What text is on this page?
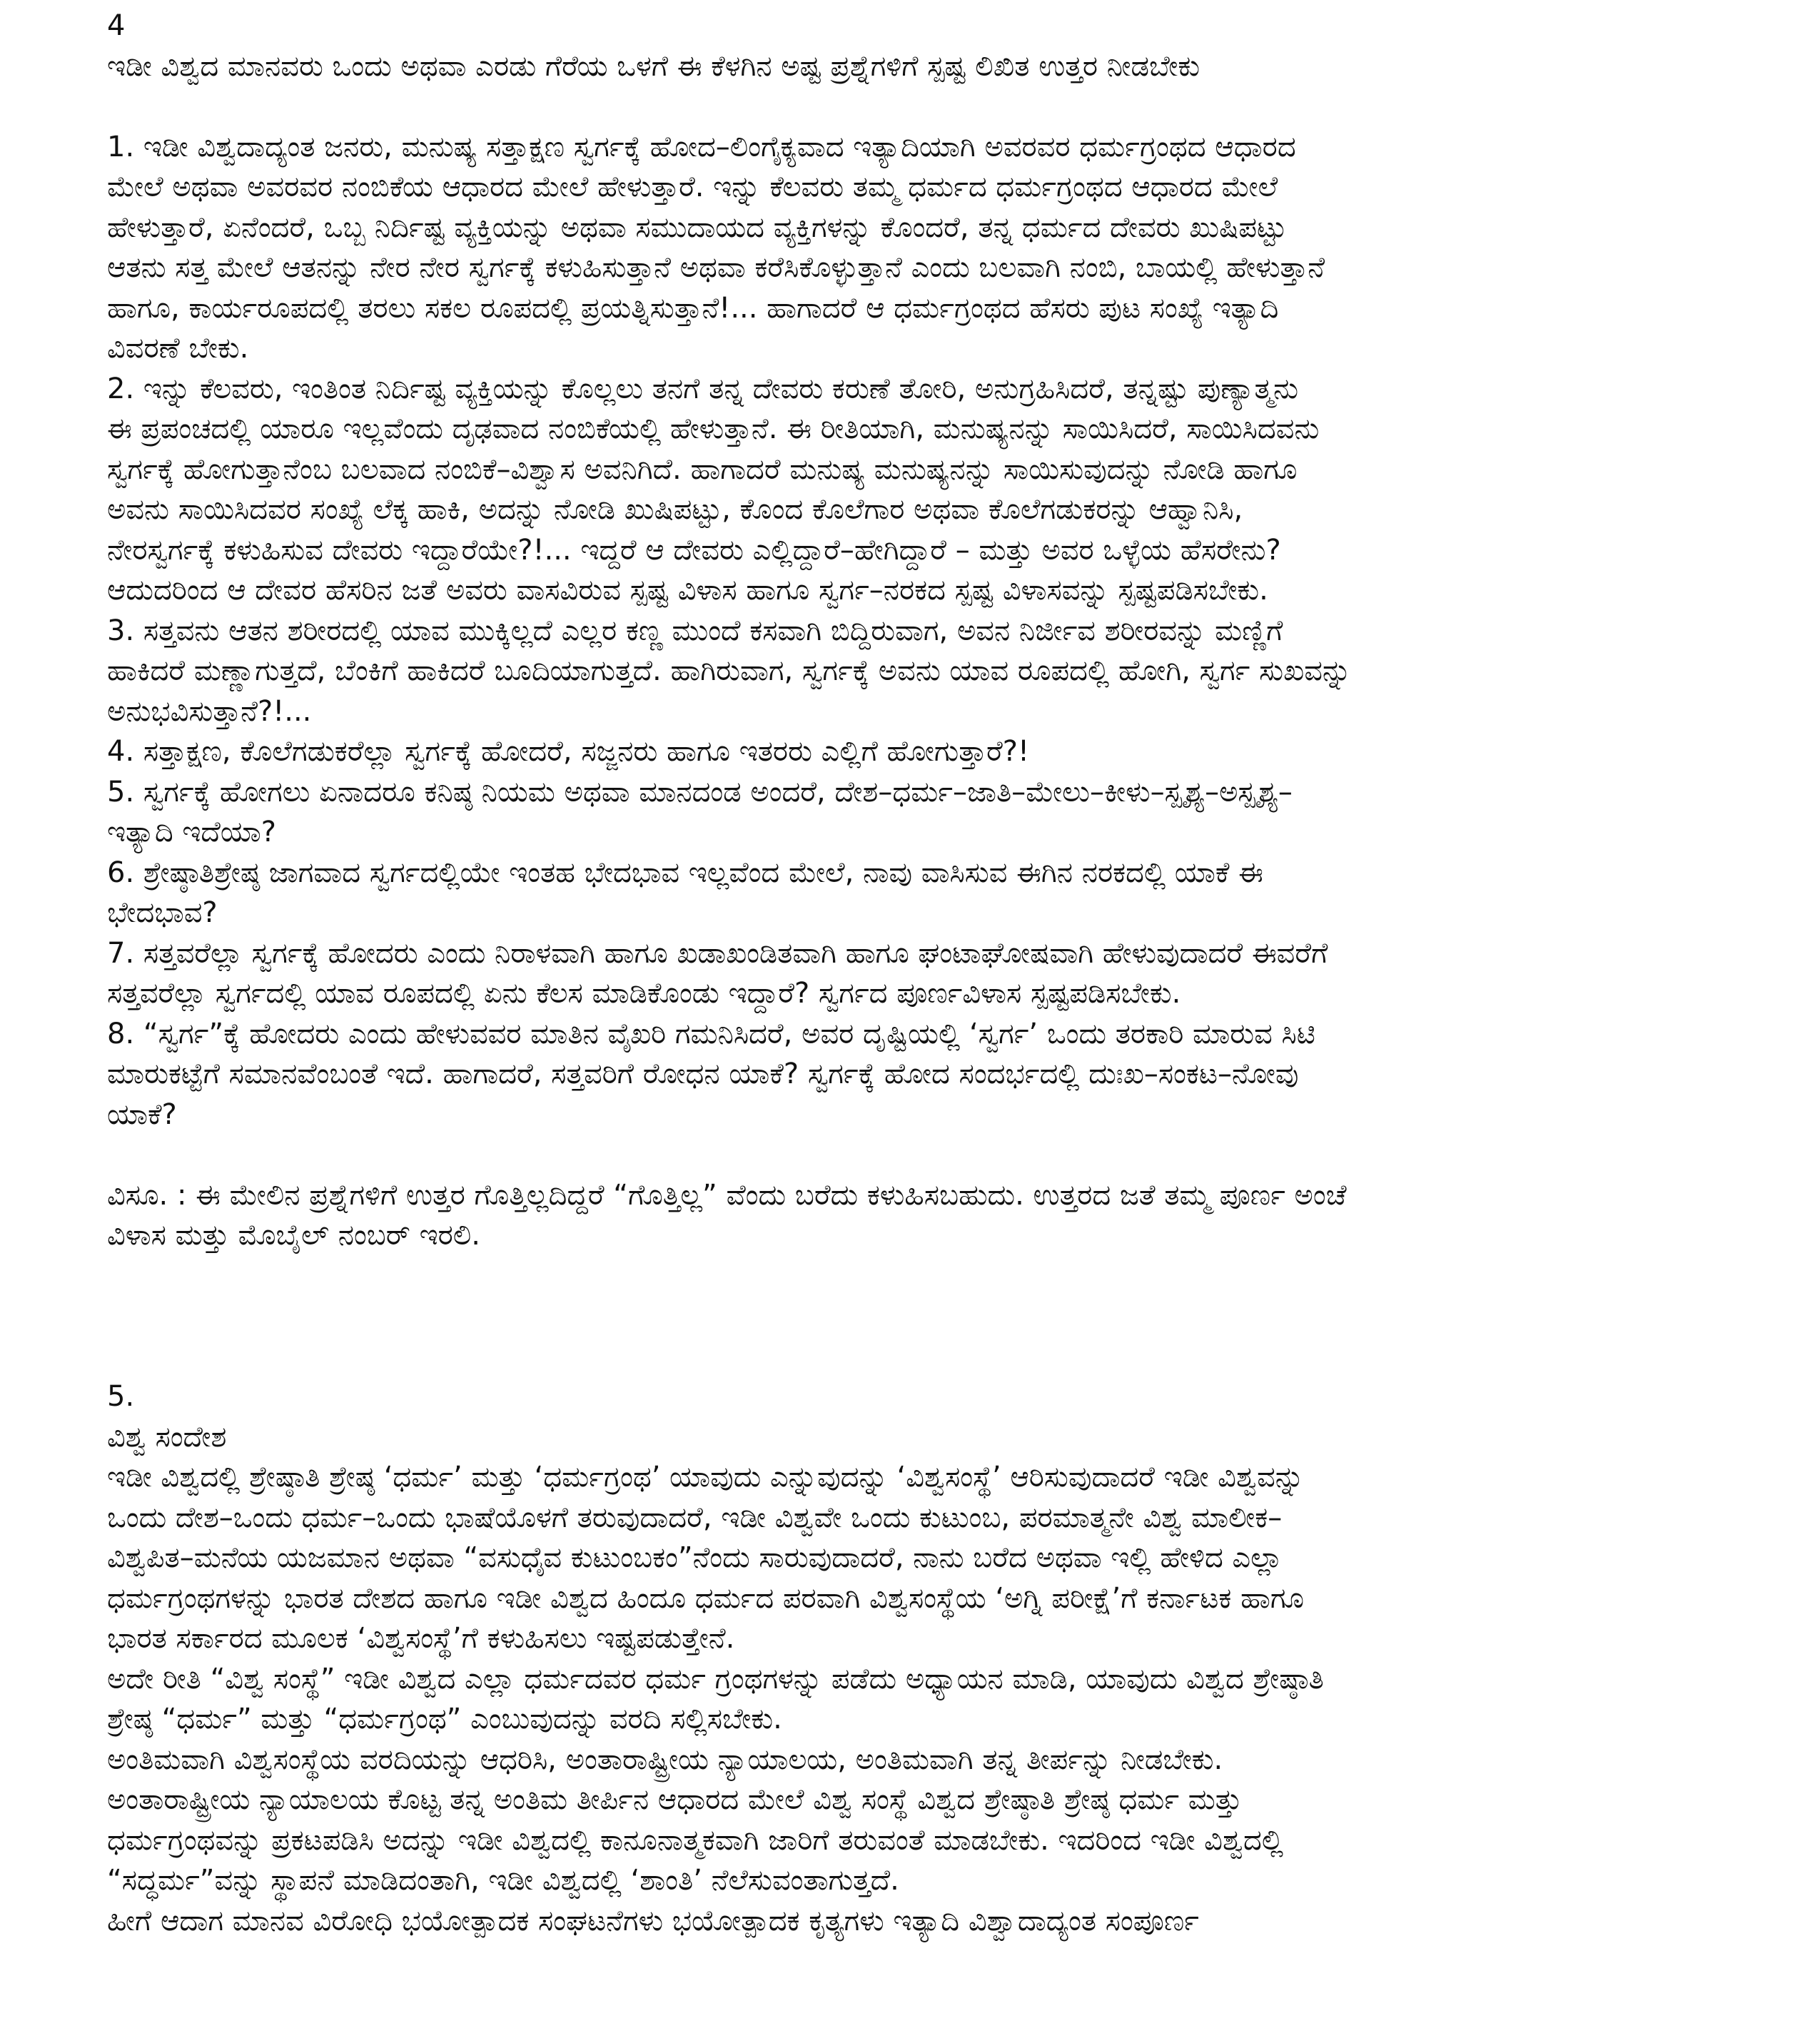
4
ಇಡೀ ವಿಶ್ವದ ಮಾನವರು ಒಂದು ಅಥವಾ ಎರಡು ಗೆರೆಯ ಒಳಗೆ ಈ ಕೆಳಗಿನ ಅಷ್ಟ ಪ್ರಶ್ನೆಗಳಿಗೆ ಸ್ಪಷ್ಟ ಲಿಖಿತ ಉತ್ತರ ನೀಡಬೇಕು
1. ಇಡೀ ವಿಶ್ವದಾದ್ಯಂತ ಜನರು, ಮನುಷ್ಯ ಸತ್ತಾಕ್ಷಣ ಸ್ವರ್ಗಕ್ಕೆ ಹೋದ–ಲಿಂಗೈಕ್ಯವಾದ ಇತ್ಯಾದಿಯಾಗಿ ಅವರವರ ಧರ್ಮಗ್ರಂಥದ ಆಧಾರದ
ಮೇಲೆ ಅಥವಾ ಅವರವರ ನಂಬಿಕೆಯ ಆಧಾರದ ಮೇಲೆ ಹೇಳುತ್ತಾರೆ. ಇನ್ನು ಕೆಲವರು ತಮ್ಮ ಧರ್ಮದ ಧರ್ಮಗ್ರಂಥದ ಆಧಾರದ ಮೇಲೆ
ಹೇಳುತ್ತಾರೆ, ಏನೆಂದರೆ, ಒಬ್ಬ ನಿರ್ದಿಷ್ಟ ವ್ಯಕ್ತಿಯನ್ನು ಅಥವಾ ಸಮುದಾಯದ ವ್ಯಕ್ತಿಗಳನ್ನು ಕೊಂದರೆ, ತನ್ನ ಧರ್ಮದ ದೇವರು ಖುಷಿಪಟ್ಟು
ಆತನು ಸತ್ತ ಮೇಲೆ ಆತನನ್ನು ನೇರ ನೇರ ಸ್ವರ್ಗಕ್ಕೆ ಕಳುಹಿಸುತ್ತಾನೆ ಅಥವಾ ಕರೆಸಿಕೊಳ್ಳುತ್ತಾನೆ ಎಂದು ಬಲವಾಗಿ ನಂಬಿ, ಬಾಯಲ್ಲಿ ಹೇಳುತ್ತಾನೆ
ಹಾಗೂ, ಕಾರ್ಯರೂಪದಲ್ಲಿ ತರಲು ಸಕಲ ರೂಪದಲ್ಲಿ ಪ್ರಯತ್ನಿಸುತ್ತಾನೆ!... ಹಾಗಾದರೆ ಆ ಧರ್ಮಗ್ರಂಥದ ಹೆಸರು ಪುಟ ಸಂಖ್ಯೆ ಇತ್ಯಾದಿ
ವಿವರಣೆ ಬೇಕು.
2. ಇನ್ನು ಕೆಲವರು, ಇಂತಿಂತ ನಿರ್ದಿಷ್ಟ ವ್ಯಕ್ತಿಯನ್ನು ಕೊಲ್ಲಲು ತನಗೆ ತನ್ನ ದೇವರು ಕರುಣೆ ತೋರಿ, ಅನುಗ್ರಹಿಸಿದರೆ, ತನ್ನಷ್ಟು ಪುಣ್ಯಾತ್ಮನು
ಈ ಪ್ರಪಂಚದಲ್ಲಿ ಯಾರೂ ಇಲ್ಲವೆಂದು ದೃಢವಾದ ನಂಬಿಕೆಯಲ್ಲಿ ಹೇಳುತ್ತಾನೆ. ಈ ರೀತಿಯಾಗಿ, ಮನುಷ್ಯನನ್ನು ಸಾಯಿಸಿದರೆ, ಸಾಯಿಸಿದವನು
ಸ್ವರ್ಗಕ್ಕೆ ಹೋಗುತ್ತಾನೆಂಬ ಬಲವಾದ ನಂಬಿಕೆ–ವಿಶ್ವಾಸ ಅವನಿಗಿದೆ. ಹಾಗಾದರೆ ಮನುಷ್ಯ ಮನುಷ್ಯನನ್ನು ಸಾಯಿಸುವುದನ್ನು ನೋಡಿ ಹಾಗೂ
ಅವನು ಸಾಯಿಸಿದವರ ಸಂಖ್ಯೆ ಲೆಕ್ಕ ಹಾಕಿ, ಅದನ್ನು ನೋಡಿ ಖುಷಿಪಟ್ಟು, ಕೊಂದ ಕೊಲೆಗಾರ ಅಥವಾ ಕೊಲೆಗಡುಕರನ್ನು ಆಹ್ವಾನಿಸಿ,
ನೇರಸ್ವರ್ಗಕ್ಕೆ ಕಳುಹಿಸುವ ದೇವರು ಇದ್ದಾರೆಯೇ?!... ಇದ್ದರೆ ಆ ದೇವರು ಎಲ್ಲಿದ್ದಾರೆ–ಹೇಗಿದ್ದಾರೆ – ಮತ್ತು ಅವರ ಒಳ್ಳೆಯ ಹೆಸರೇನು?
ಆದುದರಿಂದ ಆ ದೇವರ ಹೆಸರಿನ ಜತೆ ಅವರು ವಾಸವಿರುವ ಸ್ಪಷ್ಟ ವಿಳಾಸ ಹಾಗೂ ಸ್ವರ್ಗ–ನರಕದ ಸ್ಪಷ್ಟ ವಿಳಾಸವನ್ನು ಸ್ಪಷ್ಟಪಡಿಸಬೇಕು.
3. ಸತ್ತವನು ಆತನ ಶರೀರದಲ್ಲಿ ಯಾವ ಮುಕ್ಕಿಲ್ಲದೆ ಎಲ್ಲರ ಕಣ್ಣ ಮುಂದೆ ಕಸವಾಗಿ ಬಿದ್ದಿರುವಾಗ, ಅವನ ನಿರ್ಜೀವ ಶರೀರವನ್ನು ಮಣ್ಣಿಗೆ
ಹಾಕಿದರೆ ಮಣ್ಣಾಗುತ್ತದೆ, ಬೆಂಕಿಗೆ ಹಾಕಿದರೆ ಬೂದಿಯಾಗುತ್ತದೆ. ಹಾಗಿರುವಾಗ, ಸ್ವರ್ಗಕ್ಕೆ ಅವನು ಯಾವ ರೂಪದಲ್ಲಿ ಹೋಗಿ, ಸ್ವರ್ಗ ಸುಖವನ್ನು
ಅನುಭವಿಸುತ್ತಾನೆ?!...
4. ಸತ್ತಾಕ್ಷಣ, ಕೊಲೆಗಡುಕರೆಲ್ಲಾ ಸ್ವರ್ಗಕ್ಕೆ ಹೋದರೆ, ಸಜ್ಜನರು ಹಾಗೂ ಇತರರು ಎಲ್ಲಿಗೆ ಹೋಗುತ್ತಾರೆ?!
5. ಸ್ವರ್ಗಕ್ಕೆ ಹೋಗಲು ಏನಾದರೂ ಕನಿಷ್ಠ ನಿಯಮ ಅಥವಾ ಮಾನದಂಡ ಅಂದರೆ, ದೇಶ–ಧರ್ಮ–ಜಾತಿ–ಮೇಲು–ಕೀಳು–ಸ್ಪೃಶ್ಯ–ಅಸ್ಪೃಶ್ಯ–
ಇತ್ಯಾದಿ ಇದೆಯಾ?
6. ಶ್ರೇಷ್ಠಾತಿಶ್ರೇಷ್ಠ ಜಾಗವಾದ ಸ್ವರ್ಗದಲ್ಲಿಯೇ ಇಂತಹ ಭೇದಭಾವ ಇಲ್ಲವೆಂದ ಮೇಲೆ, ನಾವು ವಾಸಿಸುವ ಈಗಿನ ನರಕದಲ್ಲಿ ಯಾಕೆ ಈ
ಭೇದಭಾವ?
7. ಸತ್ತವರೆಲ್ಲಾ ಸ್ವರ್ಗಕ್ಕೆ ಹೋದರು ಎಂದು ನಿರಾಳವಾಗಿ ಹಾಗೂ ಖಡಾಖಂಡಿತವಾಗಿ ಹಾಗೂ ಘಂಟಾಘೋಷವಾಗಿ ಹೇಳುವುದಾದರೆ ಈವರೆಗೆ
ಸತ್ತವರೆಲ್ಲಾ ಸ್ವರ್ಗದಲ್ಲಿ ಯಾವ ರೂಪದಲ್ಲಿ ಏನು ಕೆಲಸ ಮಾಡಿಕೊಂಡು ಇದ್ದಾರೆ? ಸ್ವರ್ಗದ ಪೂರ್ಣವಿಳಾಸ ಸ್ಪಷ್ಟಪಡಿಸಬೇಕು.
8. “ಸ್ವರ್ಗ”ಕ್ಕೆ ಹೋದರು ಎಂದು ಹೇಳುವವರ ಮಾತಿನ ವೈಖರಿ ಗಮನಿಸಿದರೆ, ಅವರ ದೃಷ್ಟಿಯಲ್ಲಿ ‘ಸ್ವರ್ಗ’ ಒಂದು ತರಕಾರಿ ಮಾರುವ ಸಿಟಿ
ಮಾರುಕಟ್ಟೆಗೆ ಸಮಾನವೆಂಬಂತೆ ಇದೆ. ಹಾಗಾದರೆ, ಸತ್ತವರಿಗೆ ರೋಧನ ಯಾಕೆ? ಸ್ವರ್ಗಕ್ಕೆ ಹೋದ ಸಂದರ್ಭದಲ್ಲಿ ದುಃಖ–ಸಂಕಟ–ನೋವು
ಯಾಕೆ?
ವಿಸೂ. : ಈ ಮೇಲಿನ ಪ್ರಶ್ನೆಗಳಿಗೆ ಉತ್ತರ ಗೊತ್ತಿಲ್ಲದಿದ್ದರೆ “ಗೊತ್ತಿಲ್ಲ” ವೆಂದು ಬರೆದು ಕಳುಹಿಸಬಹುದು. ಉತ್ತರದ ಜತೆ ತಮ್ಮ ಪೂರ್ಣ ಅಂಚೆ
ವಿಳಾಸ ಮತ್ತು ಮೊಬೈಲ್ ನಂಬರ್ ಇರಲಿ.
5.
ವಿಶ್ವ ಸಂದೇಶ
ಇಡೀ ವಿಶ್ವದಲ್ಲಿ ಶ್ರೇಷ್ಠಾತಿ ಶ್ರೇಷ್ಠ ‘ಧರ್ಮ’ ಮತ್ತು ‘ಧರ್ಮಗ್ರಂಥ’ ಯಾವುದು ಎನ್ನುವುದನ್ನು ‘ವಿಶ್ವಸಂಸ್ಥೆ’ ಆರಿಸುವುದಾದರೆ ಇಡೀ ವಿಶ್ವವನ್ನು
ಒಂದು ದೇಶ–ಒಂದು ಧರ್ಮ–ಒಂದು ಭಾಷೆಯೊಳಗೆ ತರುವುದಾದರೆ, ಇಡೀ ವಿಶ್ವವೇ ಒಂದು ಕುಟುಂಬ, ಪರಮಾತ್ಮನೇ ವಿಶ್ವ ಮಾಲೀಕ–
ವಿಶ್ವಪಿತ–ಮನೆಯ ಯಜಮಾನ ಅಥವಾ “ವಸುಧೈವ ಕುಟುಂಬಕಂ”ನೆಂದು ಸಾರುವುದಾದರೆ, ನಾನು ಬರೆದ ಅಥವಾ ಇಲ್ಲಿ ಹೇಳಿದ ಎಲ್ಲಾ
ಧರ್ಮಗ್ರಂಥಗಳನ್ನು ಭಾರತ ದೇಶದ ಹಾಗೂ ಇಡೀ ವಿಶ್ವದ ಹಿಂದೂ ಧರ್ಮದ ಪರವಾಗಿ ವಿಶ್ವಸಂಸ್ಥೆಯ ‘ಅಗ್ನಿ ಪರೀಕ್ಷೆ’ಗೆ ಕರ್ನಾಟಕ ಹಾಗೂ
ಭಾರತ ಸರ್ಕಾರದ ಮೂಲಕ ‘ವಿಶ್ವಸಂಸ್ಥೆ’ಗೆ ಕಳುಹಿಸಲು ಇಷ್ಟಪಡುತ್ತೇನೆ.
ಅದೇ ರೀತಿ “ವಿಶ್ವ ಸಂಸ್ಥೆ” ಇಡೀ ವಿಶ್ವದ ಎಲ್ಲಾ ಧರ್ಮದವರ ಧರ್ಮ ಗ್ರಂಥಗಳನ್ನು ಪಡೆದು ಅಧ್ಯಾಯನ ಮಾಡಿ, ಯಾವುದು ವಿಶ್ವದ ಶ್ರೇಷ್ಠಾತಿ
ಶ್ರೇಷ್ಠ “ಧರ್ಮ” ಮತ್ತು “ಧರ್ಮಗ್ರಂಥ” ಎಂಬುವುದನ್ನು ವರದಿ ಸಲ್ಲಿಸಬೇಕು.
ಅಂತಿಮವಾಗಿ ವಿಶ್ವಸಂಸ್ಥೆಯ ವರದಿಯನ್ನು ಆಧರಿಸಿ, ಅಂತಾರಾಷ್ಟ್ರೀಯ ನ್ಯಾಯಾಲಯ, ಅಂತಿಮವಾಗಿ ತನ್ನ ತೀರ್ಪನ್ನು ನೀಡಬೇಕು.
ಅಂತಾರಾಷ್ಟ್ರೀಯ ನ್ಯಾಯಾಲಯ ಕೊಟ್ಟ ತನ್ನ ಅಂತಿಮ ತೀರ್ಪಿನ ಆಧಾರದ ಮೇಲೆ ವಿಶ್ವ ಸಂಸ್ಥೆ ವಿಶ್ವದ ಶ್ರೇಷ್ಠಾತಿ ಶ್ರೇಷ್ಠ ಧರ್ಮ ಮತ್ತು
ಧರ್ಮಗ್ರಂಥವನ್ನು ಪ್ರಕಟಪಡಿಸಿ ಅದನ್ನು ಇಡೀ ವಿಶ್ವದಲ್ಲಿ ಕಾನೂನಾತ್ಮಕವಾಗಿ ಜಾರಿಗೆ ತರುವಂತೆ ಮಾಡಬೇಕು. ಇದರಿಂದ ಇಡೀ ವಿಶ್ವದಲ್ಲಿ
“ಸದ್ಧರ್ಮ”ವನ್ನು ಸ್ಥಾಪನೆ ಮಾಡಿದಂತಾಗಿ, ಇಡೀ ವಿಶ್ವದಲ್ಲಿ ‘ಶಾಂತಿ’ ನೆಲೆಸುವಂತಾಗುತ್ತದೆ.
ಹೀಗೆ ಆದಾಗ ಮಾನವ ವಿರೋಧಿ ಭಯೋತ್ಪಾದಕ ಸಂಘಟನೆಗಳು ಭಯೋತ್ಪಾದಕ ಕೃತ್ಯಗಳು ಇತ್ಯಾದಿ ವಿಶ್ವಾದಾದ್ಯಂತ ಸಂಪೂರ್ಣ
